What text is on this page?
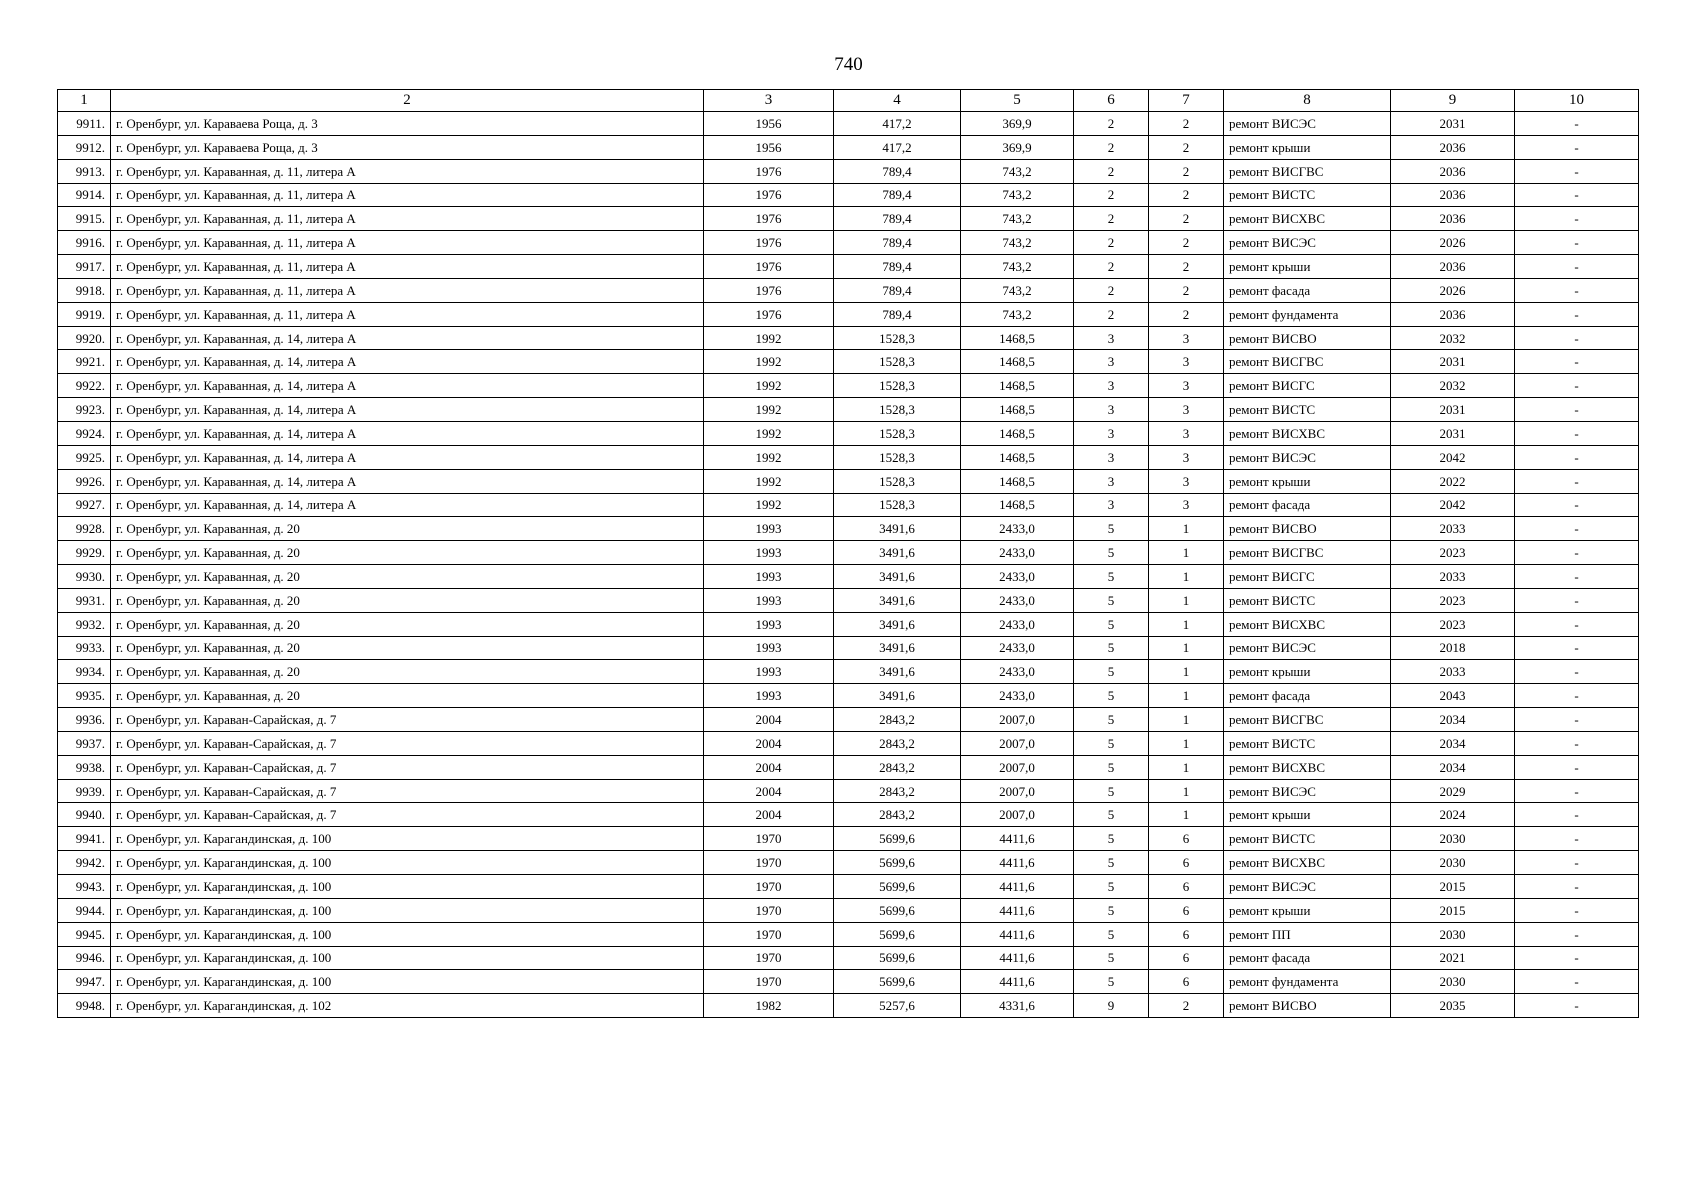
740
1	2	3	4	5	6	7	8	9	10
9911.	г. Оренбург, ул. Караваева Роща, д. 3	1956	417,2	369,9	2	2	ремонт ВИСЭС	2031	-
9912.	г. Оренбург, ул. Караваева Роща, д. 3	1956	417,2	369,9	2	2	ремонт крыши	2036	-
9913.	г. Оренбург, ул. Караванная, д. 11, литера А	1976	789,4	743,2	2	2	ремонт ВИСГВС	2036	-
9914.	г. Оренбург, ул. Караванная, д. 11, литера А	1976	789,4	743,2	2	2	ремонт ВИСТС	2036	-
9915.	г. Оренбург, ул. Караванная, д. 11, литера А	1976	789,4	743,2	2	2	ремонт ВИСХВС	2036	-
9916.	г. Оренбург, ул. Караванная, д. 11, литера А	1976	789,4	743,2	2	2	ремонт ВИСЭС	2026	-
9917.	г. Оренбург, ул. Караванная, д. 11, литера А	1976	789,4	743,2	2	2	ремонт крыши	2036	-
9918.	г. Оренбург, ул. Караванная, д. 11, литера А	1976	789,4	743,2	2	2	ремонт фасада	2026	-
9919.	г. Оренбург, ул. Караванная, д. 11, литера А	1976	789,4	743,2	2	2	ремонт фундамента	2036	-
9920.	г. Оренбург, ул. Караванная, д. 14, литера А	1992	1528,3	1468,5	3	3	ремонт ВИСВО	2032	-
9921.	г. Оренбург, ул. Караванная, д. 14, литера А	1992	1528,3	1468,5	3	3	ремонт ВИСГВС	2031	-
9922.	г. Оренбург, ул. Караванная, д. 14, литера А	1992	1528,3	1468,5	3	3	ремонт ВИСГС	2032	-
9923.	г. Оренбург, ул. Караванная, д. 14, литера А	1992	1528,3	1468,5	3	3	ремонт ВИСТС	2031	-
9924.	г. Оренбург, ул. Караванная, д. 14, литера А	1992	1528,3	1468,5	3	3	ремонт ВИСХВС	2031	-
9925.	г. Оренбург, ул. Караванная, д. 14, литера А	1992	1528,3	1468,5	3	3	ремонт ВИСЭС	2042	-
9926.	г. Оренбург, ул. Караванная, д. 14, литера А	1992	1528,3	1468,5	3	3	ремонт крыши	2022	-
9927.	г. Оренбург, ул. Караванная, д. 14, литера А	1992	1528,3	1468,5	3	3	ремонт фасада	2042	-
9928.	г. Оренбург, ул. Караванная, д. 20	1993	3491,6	2433,0	5	1	ремонт ВИСВО	2033	-
9929.	г. Оренбург, ул. Караванная, д. 20	1993	3491,6	2433,0	5	1	ремонт ВИСГВС	2023	-
9930.	г. Оренбург, ул. Караванная, д. 20	1993	3491,6	2433,0	5	1	ремонт ВИСГС	2033	-
9931.	г. Оренбург, ул. Караванная, д. 20	1993	3491,6	2433,0	5	1	ремонт ВИСТС	2023	-
9932.	г. Оренбург, ул. Караванная, д. 20	1993	3491,6	2433,0	5	1	ремонт ВИСХВС	2023	-
9933.	г. Оренбург, ул. Караванная, д. 20	1993	3491,6	2433,0	5	1	ремонт ВИСЭС	2018	-
9934.	г. Оренбург, ул. Караванная, д. 20	1993	3491,6	2433,0	5	1	ремонт крыши	2033	-
9935.	г. Оренбург, ул. Караванная, д. 20	1993	3491,6	2433,0	5	1	ремонт фасада	2043	-
9936.	г. Оренбург, ул. Караван-Сарайская, д. 7	2004	2843,2	2007,0	5	1	ремонт ВИСГВС	2034	-
9937.	г. Оренбург, ул. Караван-Сарайская, д. 7	2004	2843,2	2007,0	5	1	ремонт ВИСТС	2034	-
9938.	г. Оренбург, ул. Караван-Сарайская, д. 7	2004	2843,2	2007,0	5	1	ремонт ВИСХВС	2034	-
9939.	г. Оренбург, ул. Караван-Сарайская, д. 7	2004	2843,2	2007,0	5	1	ремонт ВИСЭС	2029	-
9940.	г. Оренбург, ул. Караван-Сарайская, д. 7	2004	2843,2	2007,0	5	1	ремонт крыши	2024	-
9941.	г. Оренбург, ул. Карагандинская, д. 100	1970	5699,6	4411,6	5	6	ремонт ВИСТС	2030	-
9942.	г. Оренбург, ул. Карагандинская, д. 100	1970	5699,6	4411,6	5	6	ремонт ВИСХВС	2030	-
9943.	г. Оренбург, ул. Карагандинская, д. 100	1970	5699,6	4411,6	5	6	ремонт ВИСЭС	2015	-
9944.	г. Оренбург, ул. Карагандинская, д. 100	1970	5699,6	4411,6	5	6	ремонт крыши	2015	-
9945.	г. Оренбург, ул. Карагандинская, д. 100	1970	5699,6	4411,6	5	6	ремонт ПП	2030	-
9946.	г. Оренбург, ул. Карагандинская, д. 100	1970	5699,6	4411,6	5	6	ремонт фасада	2021	-
9947.	г. Оренбург, ул. Карагандинская, д. 100	1970	5699,6	4411,6	5	6	ремонт фундамента	2030	-
9948.	г. Оренбург, ул. Карагандинская, д. 102	1982	5257,6	4331,6	9	2	ремонт ВИСВО	2035	-
